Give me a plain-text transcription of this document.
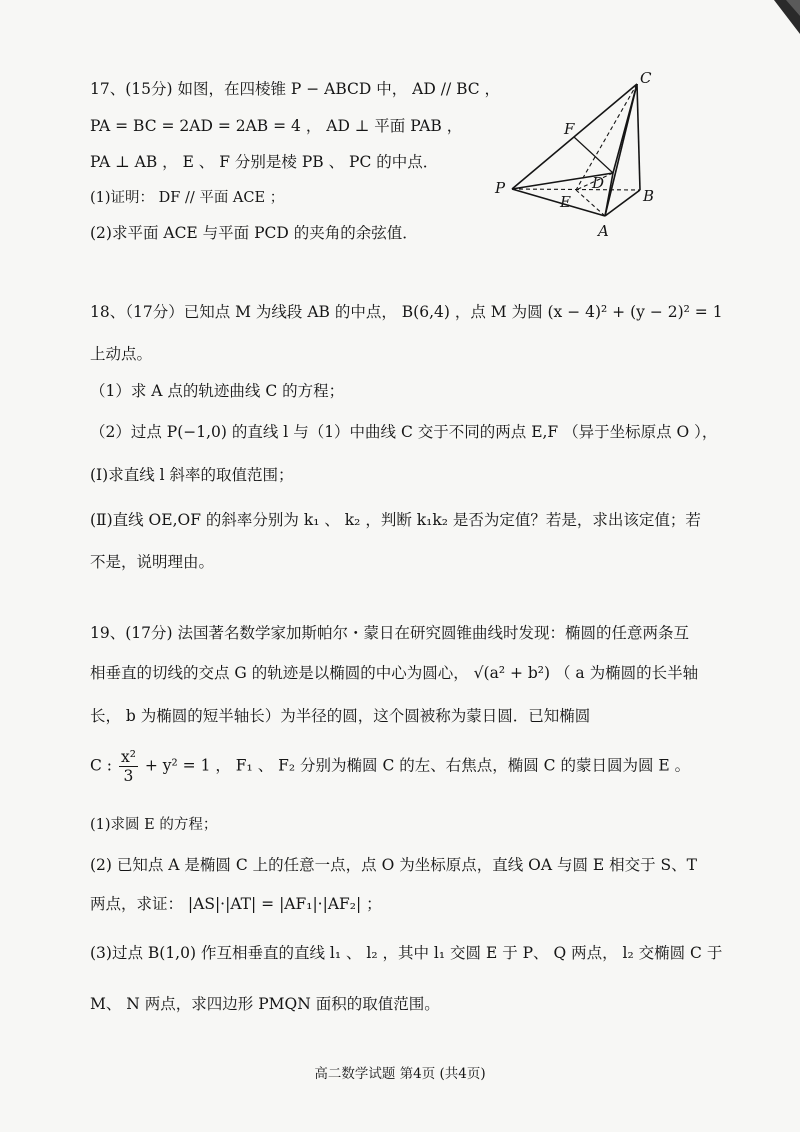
17、(15分) 如图，在四棱锥 P − ABCD 中， AD // BC ，
PA = BC = 2AD = 2AB = 4 ， AD ⊥ 平面 PAB ，
PA ⊥ AB ， E 、 F 分别是棱 PB 、 PC 的中点．
(1)证明： DF // 平面 ACE ；
(2)求平面 ACE 与平面 PCD 的夹角的余弦值．
C
F
P	D
B
E
A
18、（17分）已知点 M 为线段 AB 的中点， B(6,4) ，点 M 为圆 (x − 4)² + (y − 2)² = 1
上动点。
（1）求 A 点的轨迹曲线 C 的方程；
（2）过点 P(−1,0) 的直线 l 与（1）中曲线 C 交于不同的两点 E,F （异于坐标原点 O ），
(Ⅰ)求直线 l 斜率的取值范围；
(Ⅱ)直线 OE,OF 的斜率分别为 k₁ 、 k₂ ，判断 k₁k₂ 是否为定值？若是，求出该定值；若
不是，说明理由。
19、(17分) 法国著名数学家加斯帕尔・蒙日在研究圆锥曲线时发现：椭圆的任意两条互
相垂直的切线的交点 G 的轨迹是以椭圆的中心为圆心， √(a² + b²) （ a 为椭圆的长半轴
长， b 为椭圆的短半轴长）为半径的圆，这个圆被称为蒙日圆．已知椭圆
C : $\frac{\text{x²}}{3} + y^2 = 1$ ， F₁ 、 F₂ 分别为椭圆 C 的左、右焦点，椭圆 C 的蒙日圆为圆 E 。
(1)求圆 E 的方程；
(2) 已知点 A 是椭圆 C 上的任意一点，点 O 为坐标原点，直线 OA 与圆 E 相交于 S、T
两点，求证： |AS|·|AT| = |AF₁|·|AF₂| ；
(3)过点 B(1,0) 作互相垂直的直线 l₁ 、 l₂ ，其中 l₁ 交圆 E 于 P、 Q 两点， l₂ 交椭圆 C 于
M、 N 两点，求四边形 PMQN 面积的取值范围。
高二数学试题 第4页 (共4页)
